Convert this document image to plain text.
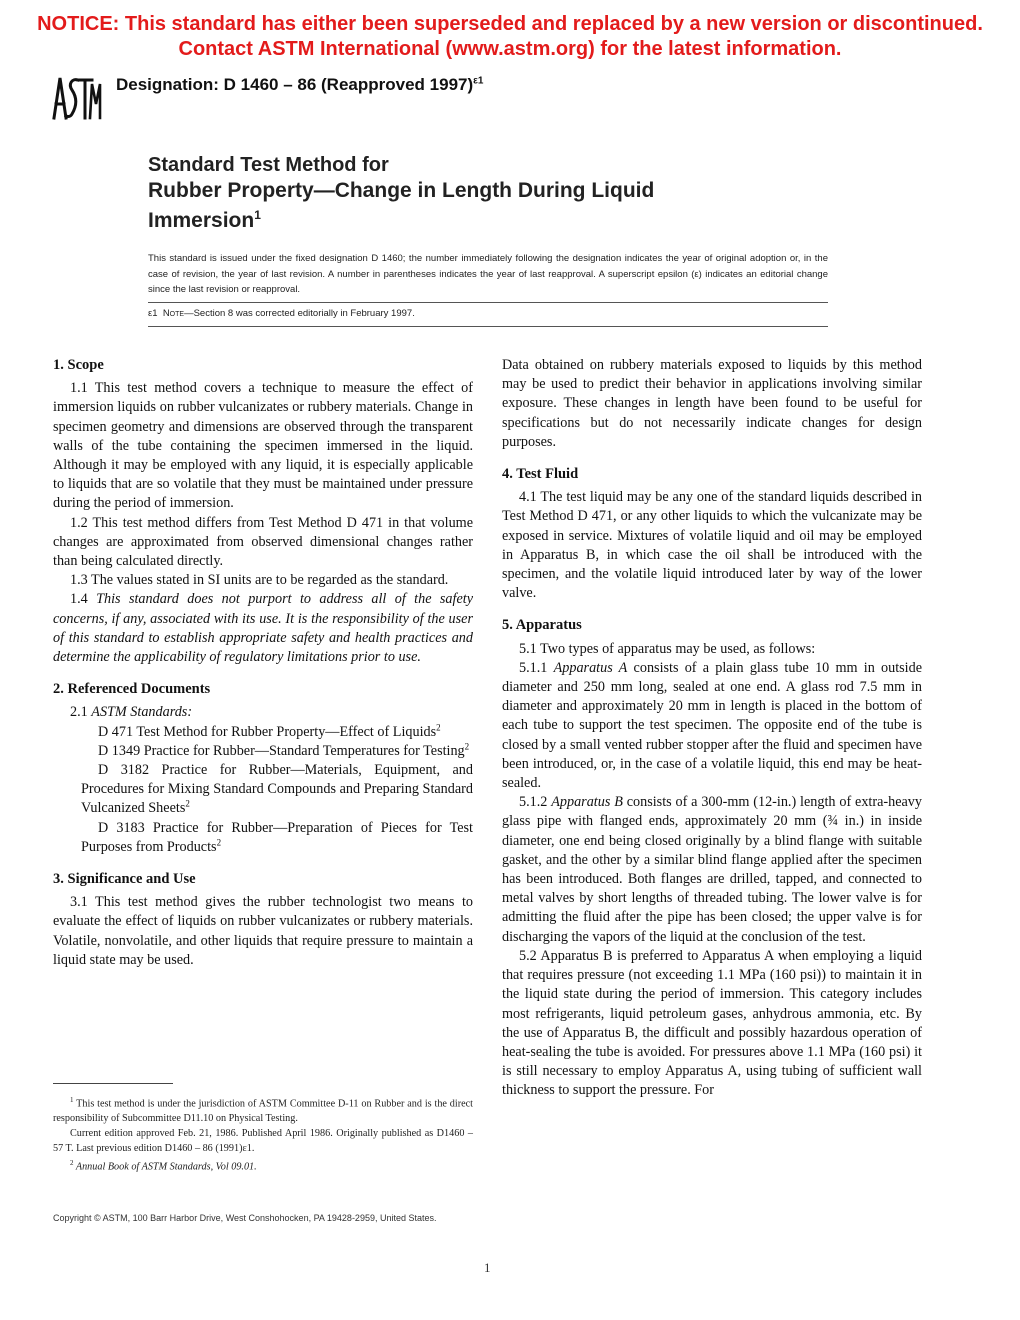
NOTICE: This standard has either been superseded and replaced by a new version or discontinued.
Contact ASTM International (www.astm.org) for the latest information.
Designation: D 1460 – 86 (Reapproved 1997)$^{\varepsilon 1}$
Standard Test Method for
Rubber Property—Change in Length During Liquid
Immersion$^1$
This standard is issued under the fixed designation D 1460; the number immediately following the designation indicates the year of original adoption or, in the case of revision, the year of last revision. A number in parentheses indicates the year of last reapproval. A superscript epsilon (ε) indicates an editorial change since the last revision or reapproval.
ε1 Note—Section 8 was corrected editorially in February 1997.
1. Scope

1.1 This test method covers a technique to measure the effect of immersion liquids on rubber vulcanizates or rubbery materials. Change in specimen geometry and dimensions are observed through the transparent walls of the tube containing the specimen immersed in the liquid. Although it may be employed with any liquid, it is especially applicable to liquids that are so volatile that they must be maintained under pressure during the period of immersion.

1.2 This test method differs from Test Method D 471 in that volume changes are approximated from observed dimensional changes rather than being calculated directly.

1.3 The values stated in SI units are to be regarded as the standard.

1.4 This standard does not purport to address all of the safety concerns, if any, associated with its use. It is the responsibility of the user of this standard to establish appropriate safety and health practices and determine the applicability of regulatory limitations prior to use.

2. Referenced Documents

2.1 ASTM Standards:

D 471 Test Method for Rubber Property—Effect of Liquids$^2$

D 1349 Practice for Rubber—Standard Temperatures for Testing$^2$

D 3182 Practice for Rubber—Materials, Equipment, and Procedures for Mixing Standard Compounds and Preparing Standard Vulcanized Sheets$^2$

D 3183 Practice for Rubber—Preparation of Pieces for Test Purposes from Products$^2$

3. Significance and Use

3.1 This test method gives the rubber technologist two means to evaluate the effect of liquids on rubber vulcanizates or rubbery materials. Volatile, nonvolatile, and other liquids that require pressure to maintain a liquid state may be used.

Data obtained on rubbery materials exposed to liquids by this method may be used to predict their behavior in applications involving similar exposure. These changes in length have been found to be useful for specifications but do not necessarily indicate changes for design purposes.

4. Test Fluid

4.1 The test liquid may be any one of the standard liquids described in Test Method D 471, or any other liquids to which the vulcanizate may be exposed in service. Mixtures of volatile liquid and oil may be employed in Apparatus B, in which case the oil shall be introduced with the specimen, and the volatile liquid introduced later by way of the lower valve.

5. Apparatus

5.1 Two types of apparatus may be used, as follows:

5.1.1 Apparatus A consists of a plain glass tube 10 mm in outside diameter and 250 mm long, sealed at one end. A glass rod 7.5 mm in diameter and approximately 20 mm in length is placed in the bottom of each tube to support the test specimen. The opposite end of the tube is closed by a small vented rubber stopper after the fluid and specimen have been introduced, or, in the case of a volatile liquid, this end may be heat-sealed.

5.1.2 Apparatus B consists of a 300-mm (12-in.) length of extra-heavy glass pipe with flanged ends, approximately 20 mm (¾ in.) in inside diameter, one end being closed originally by a blind flange with suitable gasket, and the other by a similar blind flange applied after the specimen has been introduced. Both flanges are drilled, tapped, and connected to metal valves by short lengths of threaded tubing. The lower valve is for admitting the fluid after the pipe has been closed; the upper valve is for discharging the vapors of the liquid at the conclusion of the test.

5.2 Apparatus B is preferred to Apparatus A when employing a liquid that requires pressure (not exceeding 1.1 MPa (160 psi)) to maintain it in the liquid state during the period of immersion. This category includes most refrigerants, liquid petroleum gases, anhydrous ammonia, etc. By the use of Apparatus B, the difficult and possibly hazardous operation of heat-sealing the tube is avoided. For pressures above 1.1 MPa (160 psi) it is still necessary to employ Apparatus A, using tubing of sufficient wall thickness to support the pressure. For

$^1$ This test method is under the jurisdiction of ASTM Committee D-11 on Rubber and is the direct responsibility of Subcommittee D11.10 on Physical Testing.

Current edition approved Feb. 21, 1986. Published April 1986. Originally published as D1460 – 57 T. Last previous edition D1460 – 86 (1991)ε1.

$^2$ Annual Book of ASTM Standards, Vol 09.01.

Copyright © ASTM, 100 Barr Harbor Drive, West Conshohocken, PA 19428-2959, United States.
1
